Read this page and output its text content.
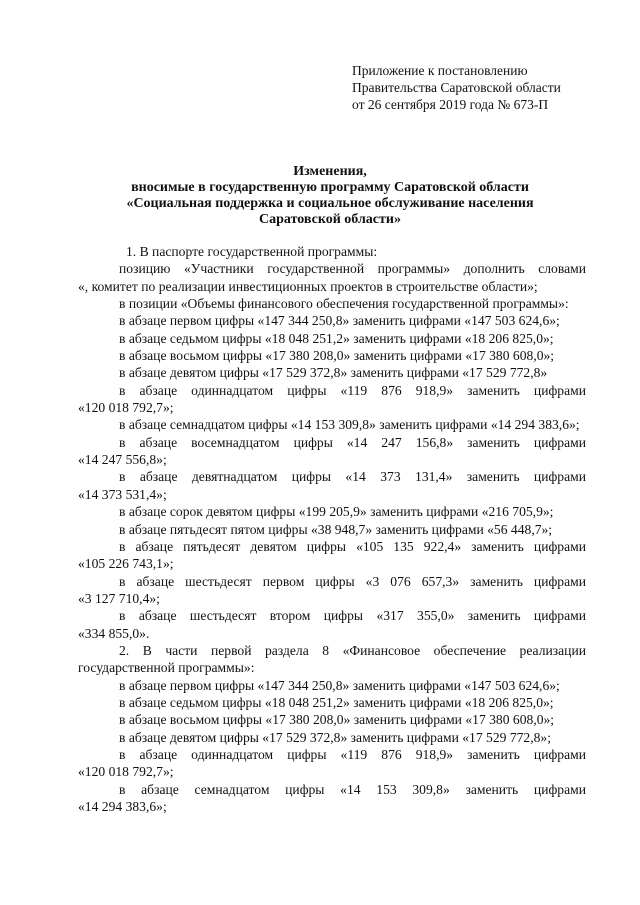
Приложение к постановлению
Правительства Саратовской области
от 26 сентября 2019 года № 673-П
Изменения,
вносимые в государственную программу Саратовской области
«Социальная поддержка и социальное обслуживание населения
Саратовской области»

1. В паспорте государственной программы:

позицию «Участники государственной программы» дополнить словами

«, комитет по реализации инвестиционных проектов в строительстве области»;

в позиции «Объемы финансового обеспечения государственной программы»:

в абзаце первом цифры «147 344 250,8» заменить цифрами «147 503 624,6»;

в абзаце седьмом цифры «18 048 251,2» заменить цифрами «18 206 825,0»;

в абзаце восьмом цифры «17 380 208,0» заменить цифрами «17 380 608,0»;

в абзаце девятом цифры «17 529 372,8» заменить цифрами «17 529 772,8»

в абзаце одиннадцатом цифры «119 876 918,9» заменить цифрами

«120 018 792,7»;

в абзаце семнадцатом цифры «14 153 309,8» заменить цифрами «14 294 383,6»;

в абзаце восемнадцатом цифры «14 247 156,8» заменить цифрами

«14 247 556,8»;

в абзаце девятнадцатом цифры «14 373 131,4» заменить цифрами

«14 373 531,4»;

в абзаце сорок девятом цифры «199 205,9» заменить цифрами «216 705,9»;

в абзаце пятьдесят пятом цифры «38 948,7» заменить цифрами «56 448,7»;

в абзаце пятьдесят девятом цифры «105 135 922,4» заменить цифрами

«105 226 743,1»;

в абзаце шестьдесят первом цифры «3 076 657,3» заменить цифрами

«3 127 710,4»;

в абзаце шестьдесят втором цифры «317 355,0» заменить цифрами

«334 855,0».

2. В части первой раздела 8 «Финансовое обеспечение реализации

государственной программы»:

в абзаце первом цифры «147 344 250,8» заменить цифрами «147 503 624,6»;

в абзаце седьмом цифры «18 048 251,2» заменить цифрами «18 206 825,0»;

в абзаце восьмом цифры «17 380 208,0» заменить цифрами «17 380 608,0»;

в абзаце девятом цифры «17 529 372,8» заменить цифрами «17 529 772,8»;

в абзаце одиннадцатом цифры «119 876 918,9» заменить цифрами

«120 018 792,7»;

в абзаце семнадцатом цифры «14 153 309,8» заменить цифрами

«14 294 383,6»;
